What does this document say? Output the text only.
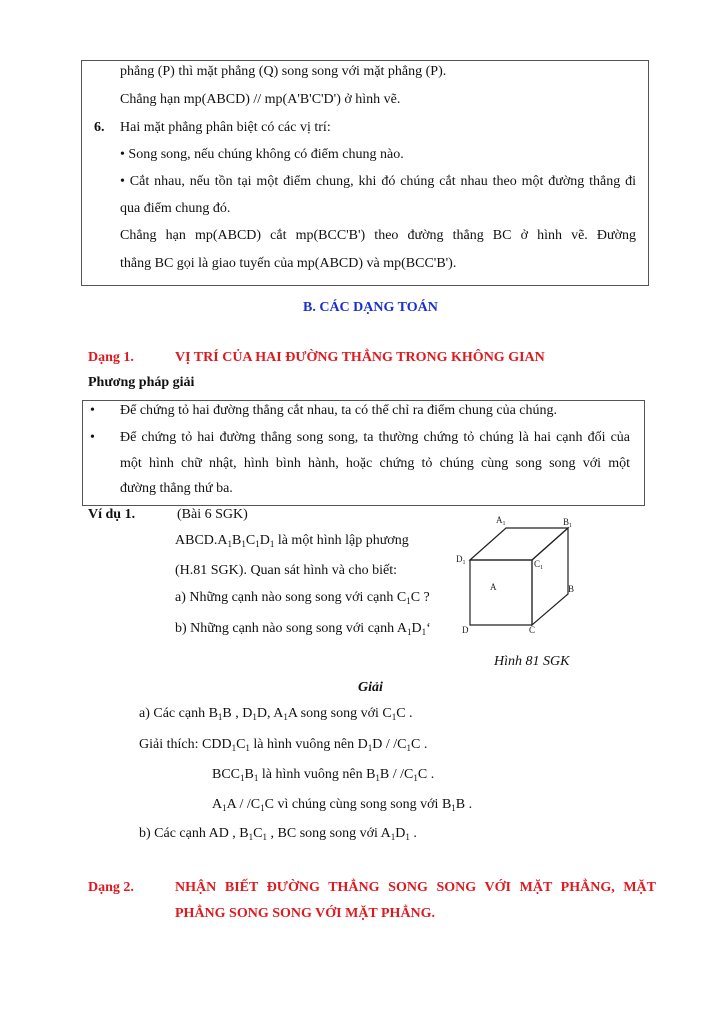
phẳng (P) thì mặt phẳng (Q) song song với mặt phẳng (P).
Chẳng hạn mp(ABCD) // mp(A'B'C'D') ở hình vẽ.
6. Hai mặt phẳng phân biệt có các vị trí:
• Song song, nếu chúng không có điểm chung nào.
• Cắt nhau, nếu tồn tại một điểm chung, khi đó chúng cắt nhau theo một đường thẳng đi
qua điểm chung đó.
Chẳng hạn mp(ABCD) cắt mp(BCC'B') theo đường thẳng BC ở hình vẽ. Đường
thẳng BC gọi là giao tuyến của mp(ABCD) và mp(BCC'B').
B. CÁC DẠNG TOÁN
Dạng 1.	VỊ TRÍ CỦA HAI ĐƯỜNG THẲNG TRONG KHÔNG GIAN
Phương pháp giải
• Để chứng tỏ hai đường thẳng cắt nhau, ta có thể chỉ ra điểm chung của chúng.
• Để chứng tỏ hai đường thẳng song song, ta thường chứng tỏ chúng là hai cạnh đối của
một hình chữ nhật, hình bình hành, hoặc chứng tỏ chúng cùng song song với một
đường thẳng thứ ba.
Ví dụ 1.	(Bài 6 SGK)
$ABCD.A_1B_1C_1D_1$ là một hình lập phương
(H.81 SGK). Quan sát hình và cho biết:
a) Những cạnh nào song song với cạnh $C_1C$ ?
b) Những cạnh nào song song với cạnh $A_1D_1‘$
$A_1$	$B_1$
$D_1$	$C_1$
A	B
D	C
Hình 81 SGK
Giải
a) Các cạnh $B_1B$ , $D_1D$, $A_1A$ song song với $C_1C$ .
Giải thích: $CDD_1C_1$ là hình vuông nên $D_1D / /C_1C$ .
$BCC_1B_1$ là hình vuông nên $B_1B / /C_1C$ .
$A_1A / /C_1C$ vì chúng cùng song song với $B_1B$ .
b) Các cạnh AD , $B_1C_1$ , BC song song với $A_1D_1$ .
Dạng 2.	NHẬN BIẾT ĐƯỜNG THẲNG SONG SONG VỚI MẶT PHẲNG, MẶT
PHẲNG SONG SONG VỚI MẶT PHẲNG.
